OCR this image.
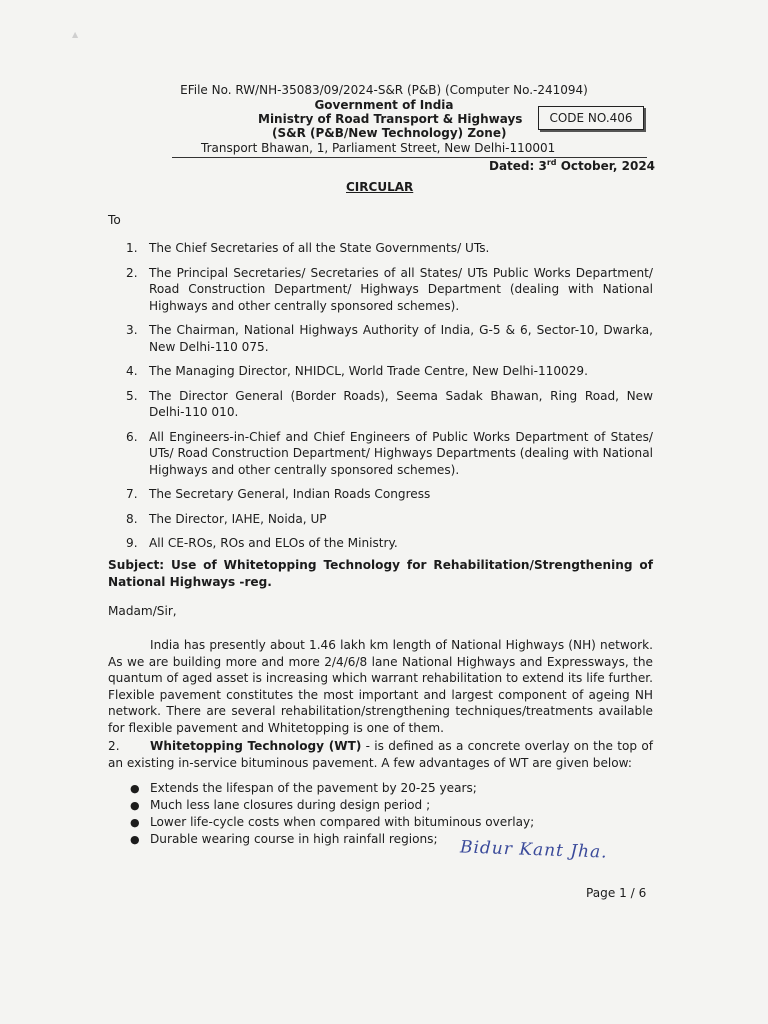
▲
EFile No. RW/NH-35083/09/2024-S&R (P&B) (Computer No.-241094)
Government of India
Ministry of Road Transport & Highways
(S&R (P&B/New Technology) Zone)
CODE NO.406
Transport Bhawan, 1, Parliament Street, New Delhi-110001
Dated: 3rd October, 2024
CIRCULAR
To
1. The Chief Secretaries of all the State Governments/ UTs.
2. The Principal Secretaries/ Secretaries of all States/ UTs Public Works Department/ Road Construction Department/ Highways Department (dealing with National Highways and other centrally sponsored schemes).
3. The Chairman, National Highways Authority of India, G-5 & 6, Sector-10, Dwarka, New Delhi-110 075.
4. The Managing Director, NHIDCL, World Trade Centre, New Delhi-110029.
5. The Director General (Border Roads), Seema Sadak Bhawan, Ring Road, New Delhi-110 010.
6. All Engineers-in-Chief and Chief Engineers of Public Works Department of States/ UTs/ Road Construction Department/ Highways Departments (dealing with National Highways and other centrally sponsored schemes).
7. The Secretary General, Indian Roads Congress
8. The Director, IAHE, Noida, UP
9. All CE-ROs, ROs and ELOs of the Ministry.
Subject: Use of Whitetopping Technology for Rehabilitation/Strengthening of National Highways -reg.
Madam/Sir,
India has presently about 1.46 lakh km length of National Highways (NH) network. As we are building more and more 2/4/6/8 lane National Highways and Expressways, the quantum of aged asset is increasing which warrant rehabilitation to extend its life further. Flexible pavement constitutes the most important and largest component of ageing NH network. There are several rehabilitation/strengthening techniques/treatments available for flexible pavement and Whitetopping is one of them.
2.	Whitetopping Technology (WT) - is defined as a concrete overlay on the top of an existing in-service bituminous pavement. A few advantages of WT are given below:
● Extends the lifespan of the pavement by 20-25 years;
● Much less lane closures during design period ;
● Lower life-cycle costs when compared with bituminous overlay;
● Durable wearing course in high rainfall regions;	Bidur Kant Jha.
Page 1 / 6
